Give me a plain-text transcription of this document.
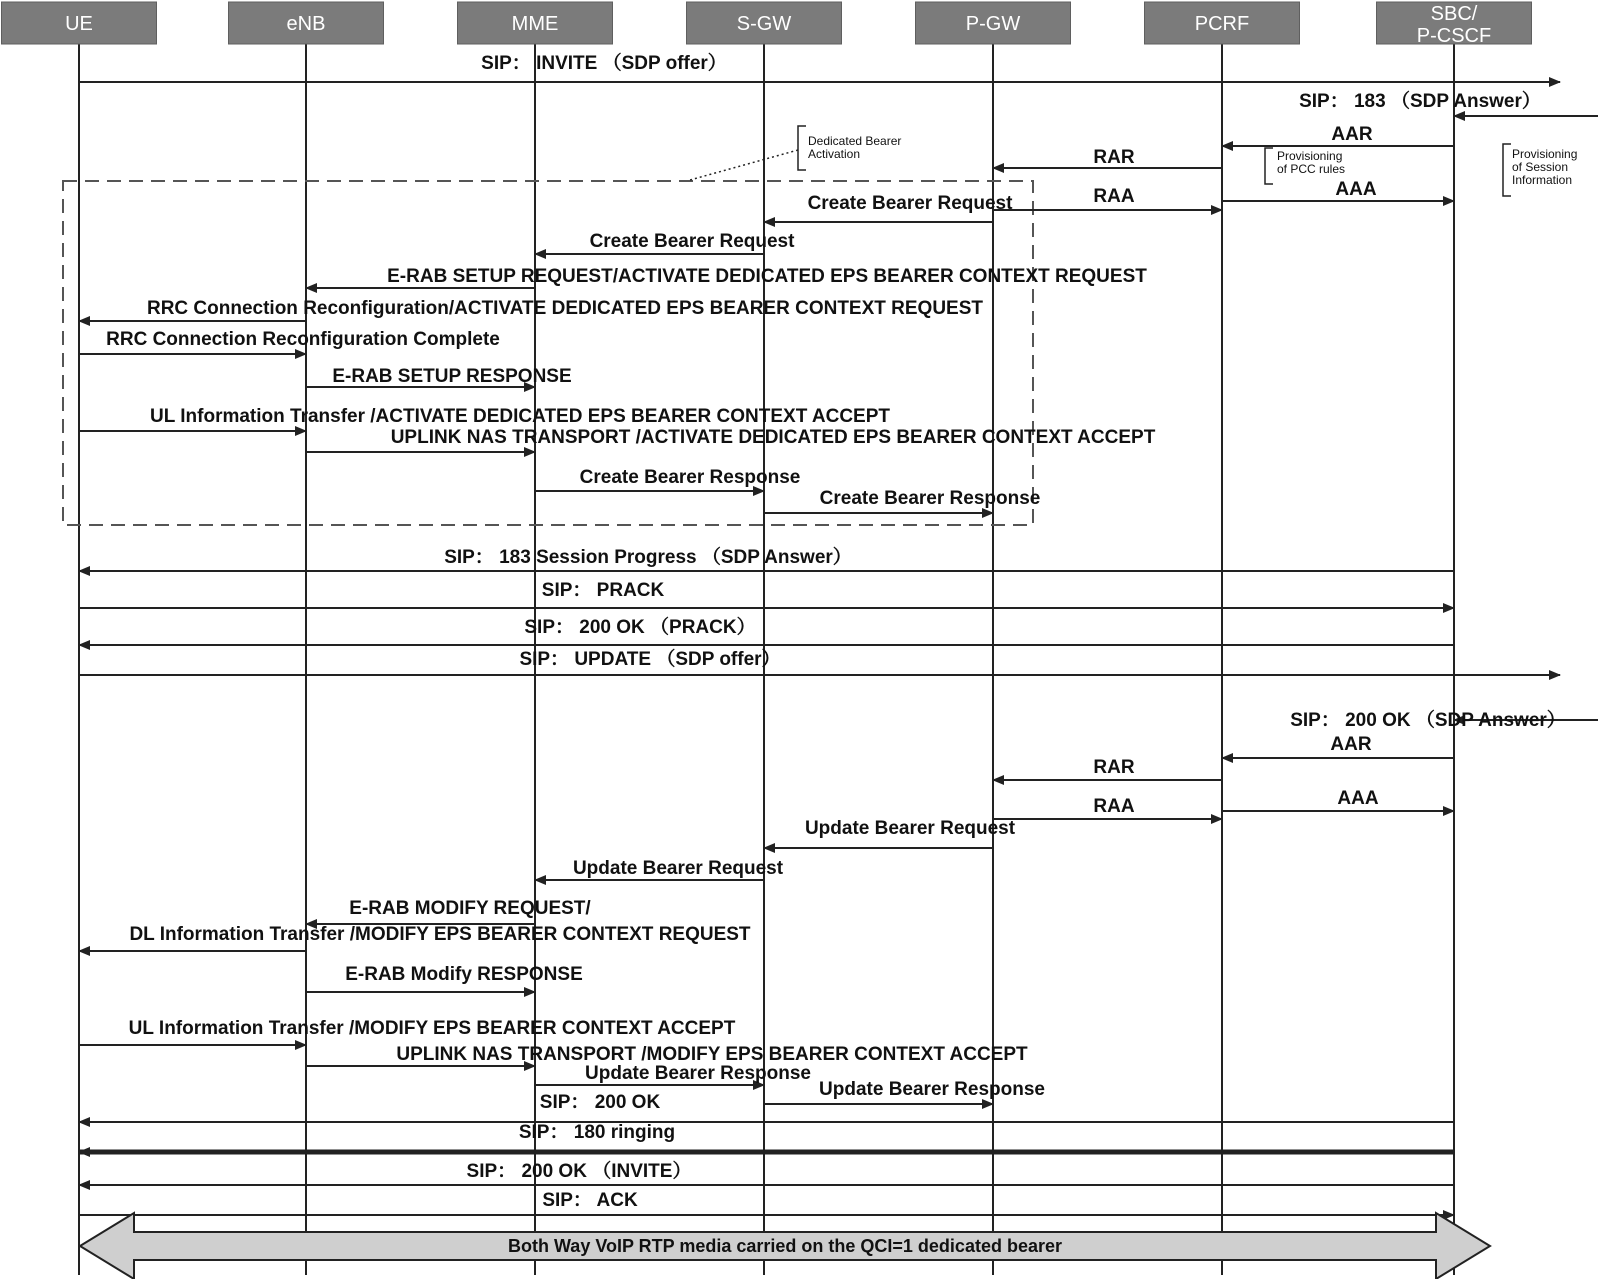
UE	eNB	MME	S-GW	P-GW	PCRF	SBC/
P-CSCF
SIP： INVITE （SDP offer）
SIP： 183 （SDP Answer）
AAR
RAR
RAA	AAA
Create Bearer Request
Create Bearer Request
E-RAB SETUP REQUEST/ACTIVATE DEDICATED EPS BEARER CONTEXT REQUEST
RRC Connection Reconfiguration/ACTIVATE DEDICATED EPS BEARER CONTEXT REQUEST
RRC Connection Reconfiguration Complete
E-RAB SETUP RESPONSE
UL Information Transfer /ACTIVATE DEDICATED EPS BEARER CONTEXT ACCEPT
UPLINK NAS TRANSPORT /ACTIVATE DEDICATED EPS BEARER CONTEXT ACCEPT
Create Bearer Response
Create Bearer Response
SIP： 183 Session Progress （SDP Answer）
SIP： PRACK
SIP： 200 OK （PRACK）
SIP： UPDATE （SDP offer）
SIP： 200 OK （SDP Answer）
AAR
RAR
RAA	AAA
Update Bearer Request
Update Bearer Request
E-RAB MODIFY REQUEST/
DL Information Transfer /MODIFY EPS BEARER CONTEXT REQUEST
E-RAB Modify RESPONSE
UL Information Transfer /MODIFY EPS BEARER CONTEXT ACCEPT
UPLINK NAS TRANSPORT /MODIFY EPS BEARER CONTEXT ACCEPT
Update Bearer Response
Update Bearer Response
SIP： 200 OK
SIP： 180 ringing
SIP： 200 OK （INVITE）
SIP： ACK
Dedicated Bearer
Activation	Provisioning
of PCC rules
Provisioning
of Session
Information
Both Way VoIP RTP media carried on the QCI=1 dedicated bearer
